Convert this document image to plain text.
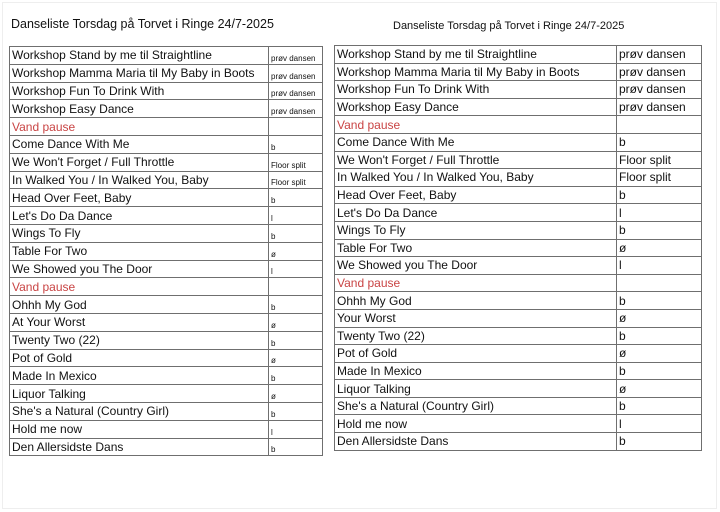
Danseliste Torsdag på Torvet i Ringe 24/7-2025	Danseliste Torsdag på Torvet i Ringe 24/7-2025
Workshop Stand by me til Straightline	prøv dansen
Workshop Mamma Maria til My Baby in Boots	prøv dansen
Workshop Fun To Drink With	prøv dansen
Workshop Easy Dance	prøv dansen
Vand pause	
Come Dance With Me	b
We Won't Forget / Full Throttle	Floor split
In Walked You / In Walked You, Baby	Floor split
Head Over Feet, Baby	b
Let's Do Da Dance	l
Wings To Fly	b
Table For Two	ø
We Showed you The Door	l
Vand pause	
Ohhh My God	b
At Your Worst	ø
Twenty Two (22)	b
Pot of Gold	ø
Made In Mexico	b
Liquor Talking	ø
She's a Natural (Country Girl)	b
Hold me now	l
Den Allersidste Dans	b
Workshop Stand by me til Straightline	prøv dansen
Workshop Mamma Maria til My Baby in Boots	prøv dansen
Workshop Fun To Drink With	prøv dansen
Workshop Easy Dance	prøv dansen
Vand pause	
Come Dance With Me	b
We Won't Forget / Full Throttle	Floor split
In Walked You / In Walked You, Baby	Floor split
Head Over Feet, Baby	b
Let's Do Da Dance	l
Wings To Fly	b
Table For Two	ø
We Showed you The Door	l
Vand pause	
Ohhh My God	b
Your Worst	ø
Twenty Two (22)	b
Pot of Gold	ø
Made In Mexico	b
Liquor Talking	ø
She's a Natural (Country Girl)	b
Hold me now	l
Den Allersidste Dans	b
